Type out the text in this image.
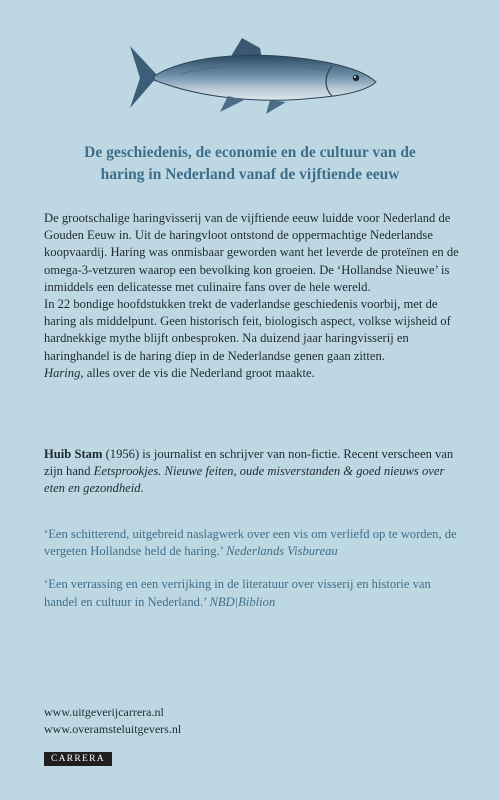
De geschiedenis, de economie en de cultuur van de
haring in Nederland vanaf de vijftiende eeuw

De grootschalige haringvisserij van de vijftiende eeuw luidde voor Nederland de Gouden Eeuw in. Uit de haringvloot ontstond de oppermachtige Nederlandse koopvaardij. Haring was onmisbaar geworden want het leverde de proteïnen en de omega-3-vetzuren waarop een bevolking kon groeien. De ‘Hollandse Nieuwe’ is inmiddels een delicatesse met culinaire fans over de hele wereld.

In 22 bondige hoofdstukken trekt de vaderlandse geschiedenis voorbij, met de haring als middelpunt. Geen historisch feit, biologisch aspect, volkse wijsheid of hardnekkige mythe blijft onbesproken. Na duizend jaar haringvisserij en haringhandel is de haring diep in de Nederlandse genen gaan zitten.

Haring, alles over de vis die Nederland groot maakte.

Huib Stam (1956) is journalist en schrijver van non-fictie. Recent verscheen van zijn hand Eetsprookjes. Nieuwe feiten, oude misverstanden & goed nieuws over eten en gezondheid.

‘Een schitterend, uitgebreid naslagwerk over een vis om verliefd op te worden, de vergeten Hollandse held de haring.’ Nederlands Visbureau

‘Een verrassing en een verrijking in de literatuur over visserij en historie van handel en cultuur in Nederland.’ NBD|Biblion

www.uitgeverijcarrera.nl
www.overamsteluitgevers.nl
CARRERA
